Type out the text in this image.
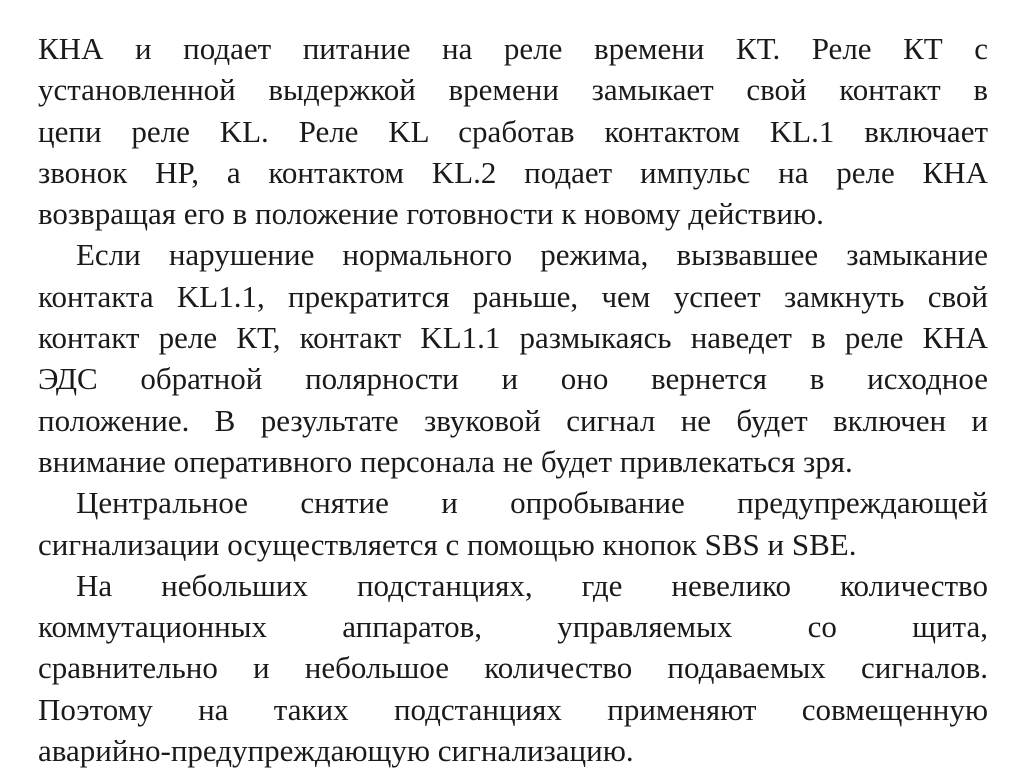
КНА и подает питание на реле времени КТ. Реле КТ с
установленной выдержкой времени замыкает свой контакт в
цепи реле KL. Реле KL сработав контактом KL.1 включает
звонок HP, а контактом KL.2 подает импульс на реле КНА
возвращая его в положение готовности к новому действию.
Если нарушение нормального режима, вызвавшее замыкание
контакта KL1.1, прекратится раньше, чем успеет замкнуть свой
контакт реле КТ, контакт KL1.1 размыкаясь наведет в реле КНА
ЭДС обратной полярности и оно вернется в исходное
положение. В результате звуковой сигнал не будет включен и
внимание оперативного персонала не будет привлекаться зря.
Центральное снятие и опробывание предупреждающей
сигнализации осуществляется с помощью кнопок SBS и SBE.
На небольших подстанциях, где невелико количество
коммутационных аппаратов, управляемых со щита,
сравнительно и небольшое количество подаваемых сигналов.
Поэтому на таких подстанциях применяют совмещенную
аварийно-предупреждающую сигнализацию.
